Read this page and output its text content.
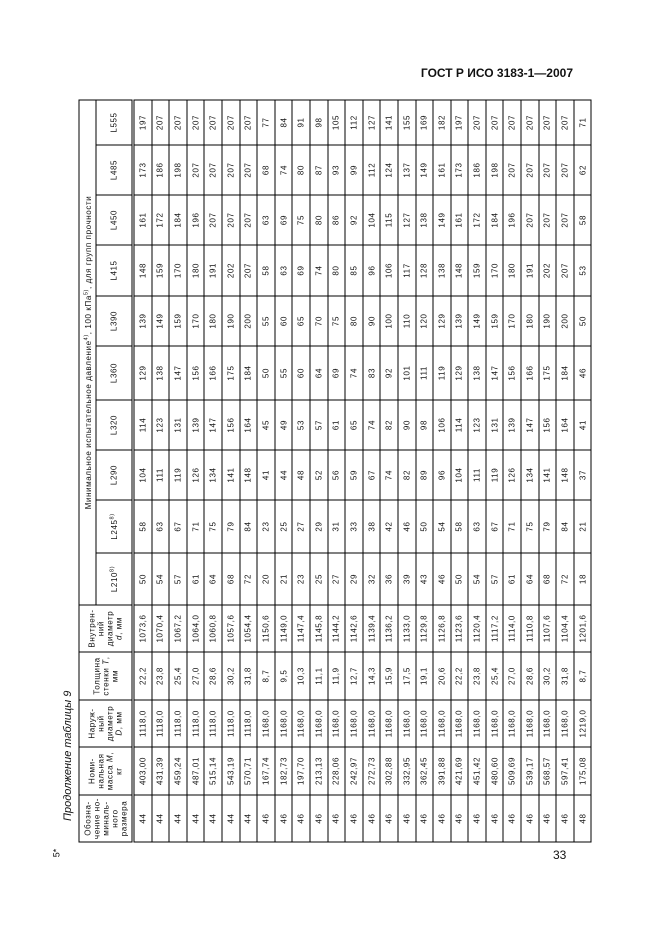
ГОСТ Р ИСО 3183-1—2007
Продолжение таблицы 9
5*	33
Обозна-чение но-миналь-ного размера	Номи-нальная масса M, кг	Наруж-ный диаметр D, мм	Толщина стенки T, мм	Внутрен-ний диаметр d, мм	Минимальное испытательное давление$^{4)}$, 100 кПа$^{5)}$, для групп прочности									
					L210$^{8)}$	L245$^{8)}$	L290	L320	L360	L390	L415	L450	L485	L555
44	403,00	1118,0	22,2	1073,6	50	58	104	114	129	139	148	161	173	197
44	431,39	1118,0	23,8	1070,4	54	63	111	123	138	149	159	172	186	207
44	459,24	1118,0	25,4	1067,2	57	67	119	131	147	159	170	184	198	207
44	487,01	1118,0	27,0	1064,0	61	71	126	139	156	170	180	196	207	207
44	515,14	1118,0	28,6	1060,8	64	75	134	147	166	180	191	207	207	207
44	543,19	1118,0	30,2	1057,6	68	79	141	156	175	190	202	207	207	207
44	570,71	1118,0	31,8	1054,4	72	84	148	164	184	200	207	207	207	207
46	167,74	1168,0	8,7	1150,6	20	23	41	45	50	55	58	63	68	77
46	182,73	1168,0	9,5	1149,0	21	25	44	49	55	60	63	69	74	84
46	197,70	1168,0	10,3	1147,4	23	27	48	53	60	65	69	75	80	91
46	213,13	1168,0	11,1	1145,8	25	29	52	57	64	70	74	80	87	98
46	228,06	1168,0	11,9	1144,2	27	31	56	61	69	75	80	86	93	105
46	242,97	1168,0	12,7	1142,6	29	33	59	65	74	80	85	92	99	112
46	272,73	1168,0	14,3	1139,4	32	38	67	74	83	90	96	104	112	127
46	302,88	1168,0	15,9	1136,2	36	42	74	82	92	100	106	115	124	141
46	332,95	1168,0	17,5	1133,0	39	46	82	90	101	110	117	127	137	155
46	362,45	1168,0	19,1	1129,8	43	50	89	98	111	120	128	138	149	169
46	391,88	1168,0	20,6	1126,8	46	54	96	106	119	129	138	149	161	182
46	421,69	1168,0	22,2	1123,6	50	58	104	114	129	139	148	161	173	197
46	451,42	1168,0	23,8	1120,4	54	63	111	123	138	149	159	172	186	207
46	480,60	1168,0	25,4	1117,2	57	67	119	131	147	159	170	184	198	207
46	509,69	1168,0	27,0	1114,0	61	71	126	139	156	170	180	196	207	207
46	539,17	1168,0	28,6	1110,8	64	75	134	147	166	180	191	207	207	207
46	568,57	1168,0	30,2	1107,6	68	79	141	156	175	190	202	207	207	207
46	597,41	1168,0	31,8	1104,4	72	84	148	164	184	200	207	207	207	207
48	175,08	1219,0	8,7	1201,6	18	21	37	41	46	50	53	58	62	71
